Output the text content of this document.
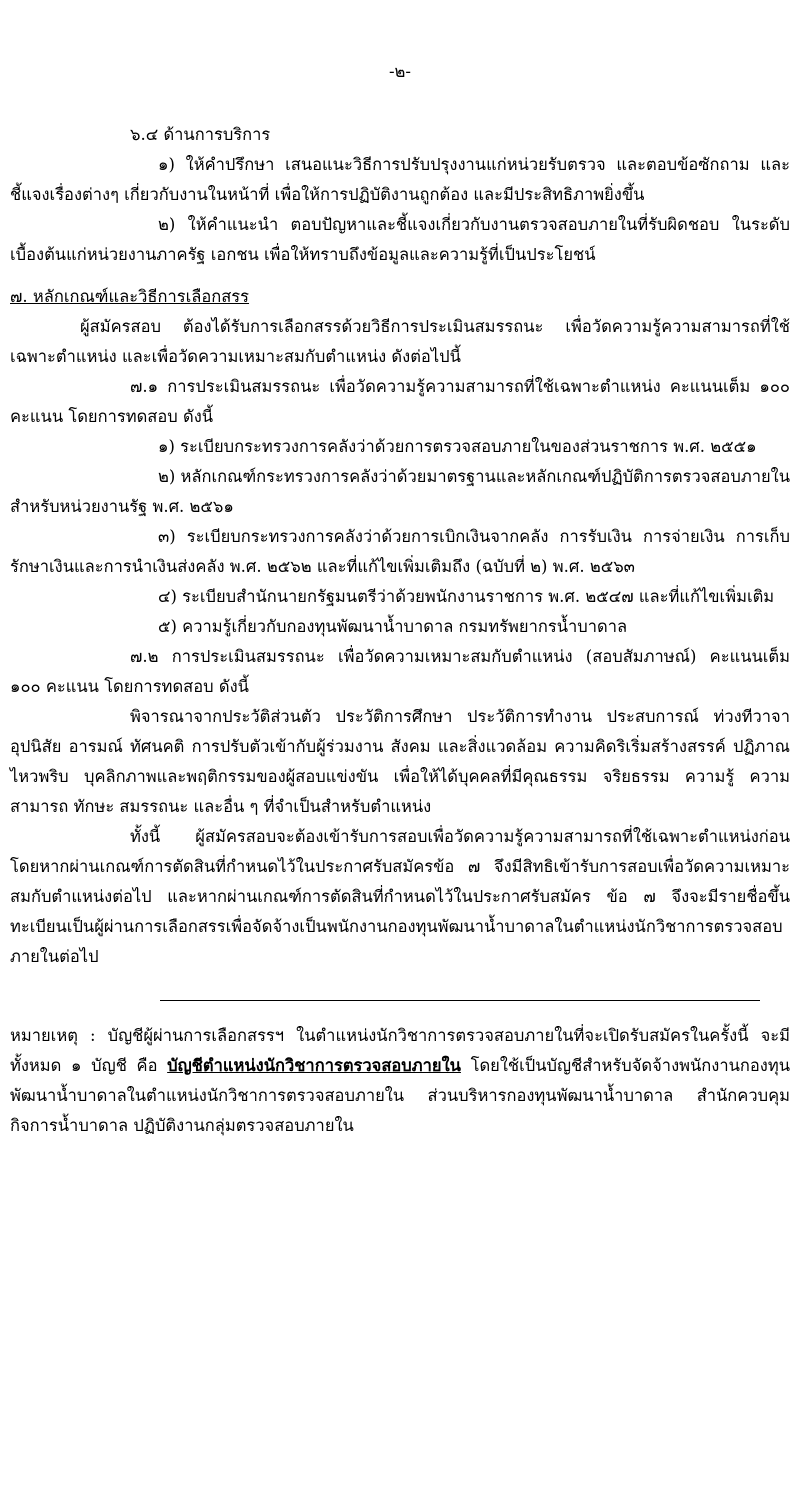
-๒-

๖.๔ ด้านการบริการ

๑) ให้คำปรึกษา เสนอแนะวิธีการปรับปรุงงานแก่หน่วยรับตรวจ และตอบข้อซักถาม และชี้แจงเรื่องต่างๆ เกี่ยวกับงานในหน้าที่ เพื่อให้การปฏิบัติงานถูกต้อง และมีประสิทธิภาพยิ่งขึ้น

๒) ให้คำแนะนำ ตอบปัญหาและชี้แจงเกี่ยวกับงานตรวจสอบภายในที่รับผิดชอบ ในระดับเบื้องต้นแก่หน่วยงานภาครัฐ เอกชน เพื่อให้ทราบถึงข้อมูลและความรู้ที่เป็นประโยชน์

๗. หลักเกณฑ์และวิธีการเลือกสรร

ผู้สมัครสอบ ต้องได้รับการเลือกสรรด้วยวิธีการประเมินสมรรถนะ เพื่อวัดความรู้ความสามารถที่ใช้เฉพาะตำแหน่ง และเพื่อวัดความเหมาะสมกับตำแหน่ง ดังต่อไปนี้

๗.๑ การประเมินสมรรถนะ เพื่อวัดความรู้ความสามารถที่ใช้เฉพาะตำแหน่ง คะแนนเต็ม ๑๐๐ คะแนน โดยการทดสอบ ดังนี้

๑) ระเบียบกระทรวงการคลังว่าด้วยการตรวจสอบภายในของส่วนราชการ พ.ศ. ๒๕๕๑

๒) หลักเกณฑ์กระทรวงการคลังว่าด้วยมาตรฐานและหลักเกณฑ์ปฏิบัติการตรวจสอบภายใน สำหรับหน่วยงานรัฐ พ.ศ. ๒๕๖๑

๓) ระเบียบกระทรวงการคลังว่าด้วยการเบิกเงินจากคลัง การรับเงิน การจ่ายเงิน การเก็บรักษาเงินและการนำเงินส่งคลัง พ.ศ. ๒๕๖๒ และที่แก้ไขเพิ่มเติมถึง (ฉบับที่ ๒) พ.ศ. ๒๕๖๓

๔) ระเบียบสำนักนายกรัฐมนตรีว่าด้วยพนักงานราชการ พ.ศ. ๒๕๔๗ และที่แก้ไขเพิ่มเติม

๕) ความรู้เกี่ยวกับกองทุนพัฒนาน้ำบาดาล กรมทรัพยากรน้ำบาดาล

๗.๒ การประเมินสมรรถนะ เพื่อวัดความเหมาะสมกับตำแหน่ง (สอบสัมภาษณ์) คะแนนเต็ม ๑๐๐ คะแนน โดยการทดสอบ ดังนี้

พิจารณาจากประวัติส่วนตัว ประวัติการศึกษา ประวัติการทำงาน ประสบการณ์ ท่วงทีวาจา อุปนิสัย อารมณ์ ทัศนคติ การปรับตัวเข้ากับผู้ร่วมงาน สังคม และสิ่งแวดล้อม ความคิดริเริ่มสร้างสรรค์ ปฏิภาณไหวพริบ บุคลิกภาพและพฤติกรรมของผู้สอบแข่งขัน เพื่อให้ได้บุคคลที่มีคุณธรรม จริยธรรม ความรู้ ความสามารถ ทักษะ สมรรถนะ และอื่น ๆ ที่จำเป็นสำหรับตำแหน่ง

ทั้งนี้ ผู้สมัครสอบจะต้องเข้ารับการสอบเพื่อวัดความรู้ความสามารถที่ใช้เฉพาะตำแหน่งก่อน โดยหากผ่านเกณฑ์การตัดสินที่กำหนดไว้ในประกาศรับสมัครข้อ ๗ จึงมีสิทธิเข้ารับการสอบเพื่อวัดความเหมาะสมกับตำแหน่งต่อไป และหากผ่านเกณฑ์การตัดสินที่กำหนดไว้ในประกาศรับสมัคร ข้อ ๗ จึงจะมีรายชื่อขึ้นทะเบียนเป็นผู้ผ่านการเลือกสรรเพื่อจัดจ้างเป็นพนักงานกองทุนพัฒนาน้ำบาดาลในตำแหน่งนักวิชาการตรวจสอบภายในต่อไป

หมายเหตุ : บัญชีผู้ผ่านการเลือกสรรฯ ในตำแหน่งนักวิชาการตรวจสอบภายในที่จะเปิดรับสมัครในครั้งนี้ จะมีทั้งหมด ๑ บัญชี คือ บัญชีตำแหน่งนักวิชาการตรวจสอบภายใน โดยใช้เป็นบัญชีสำหรับจัดจ้างพนักงานกองทุนพัฒนาน้ำบาดาลในตำแหน่งนักวิชาการตรวจสอบภายใน ส่วนบริหารกองทุนพัฒนาน้ำบาดาล สำนักควบคุมกิจการน้ำบาดาล ปฏิบัติงานกลุ่มตรวจสอบภายใน
